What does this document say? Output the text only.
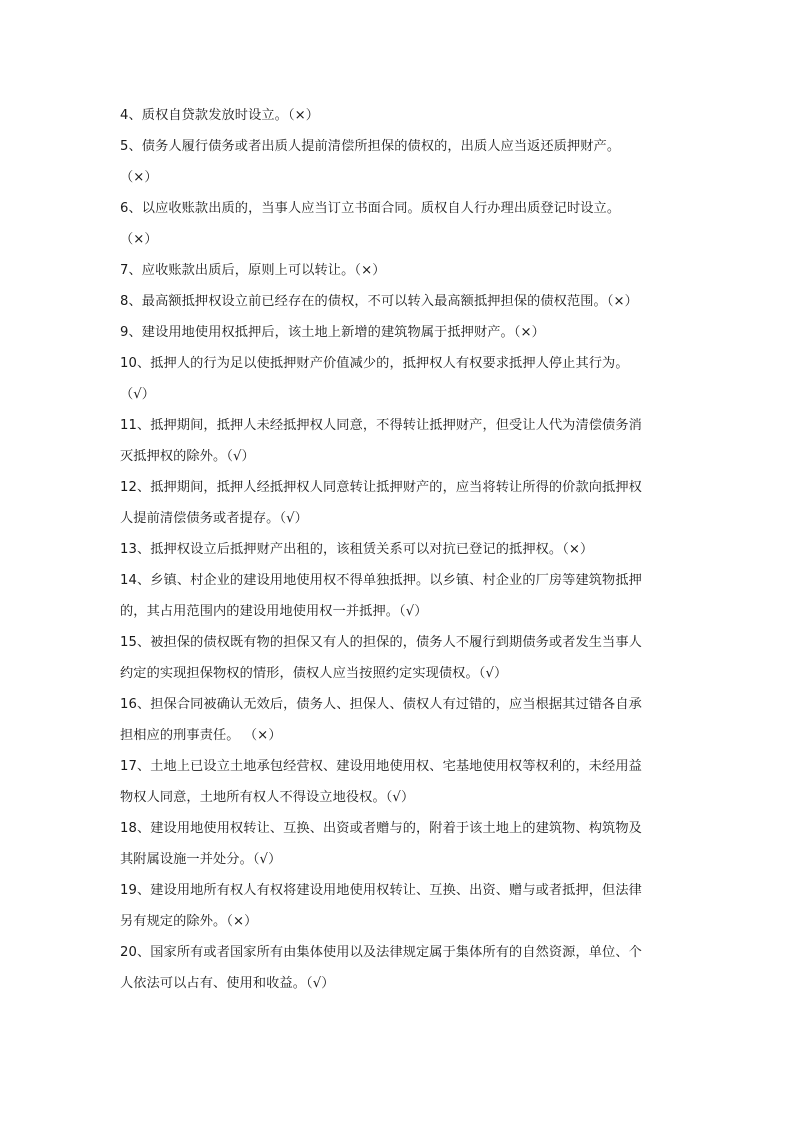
4、质权自贷款发放时设立。（×）
5、债务人履行债务或者出质人提前清偿所担保的债权的，出质人应当返还质押财产。
（×）
6、以应收账款出质的，当事人应当订立书面合同。质权自人行办理出质登记时设立。
（×）
7、应收账款出质后，原则上可以转让。（×）
8、最高额抵押权设立前已经存在的债权，不可以转入最高额抵押担保的债权范围。（×）
9、建设用地使用权抵押后，该土地上新增的建筑物属于抵押财产。（×）
10、抵押人的行为足以使抵押财产价值减少的，抵押权人有权要求抵押人停止其行为。
（√）
11、抵押期间，抵押人未经抵押权人同意，不得转让抵押财产，但受让人代为清偿债务消
灭抵押权的除外。（√）
12、抵押期间，抵押人经抵押权人同意转让抵押财产的，应当将转让所得的价款向抵押权
人提前清偿债务或者提存。（√）
13、抵押权设立后抵押财产出租的，该租赁关系可以对抗已登记的抵押权。（×）
14、乡镇、村企业的建设用地使用权不得单独抵押。以乡镇、村企业的厂房等建筑物抵押
的，其占用范围内的建设用地使用权一并抵押。（√）
15、被担保的债权既有物的担保又有人的担保的，债务人不履行到期债务或者发生当事人
约定的实现担保物权的情形，债权人应当按照约定实现债权。（√）
16、担保合同被确认无效后，债务人、担保人、债权人有过错的，应当根据其过错各自承
担相应的刑事责任。 （×）
17、土地上已设立土地承包经营权、建设用地使用权、宅基地使用权等权利的，未经用益
物权人同意，土地所有权人不得设立地役权。（√）
18、建设用地使用权转让、互换、出资或者赠与的，附着于该土地上的建筑物、构筑物及
其附属设施一并处分。（√）
19、建设用地所有权人有权将建设用地使用权转让、互换、出资、赠与或者抵押，但法律
另有规定的除外。（×）
20、国家所有或者国家所有由集体使用以及法律规定属于集体所有的自然资源，单位、个
人依法可以占有、使用和收益。（√）
